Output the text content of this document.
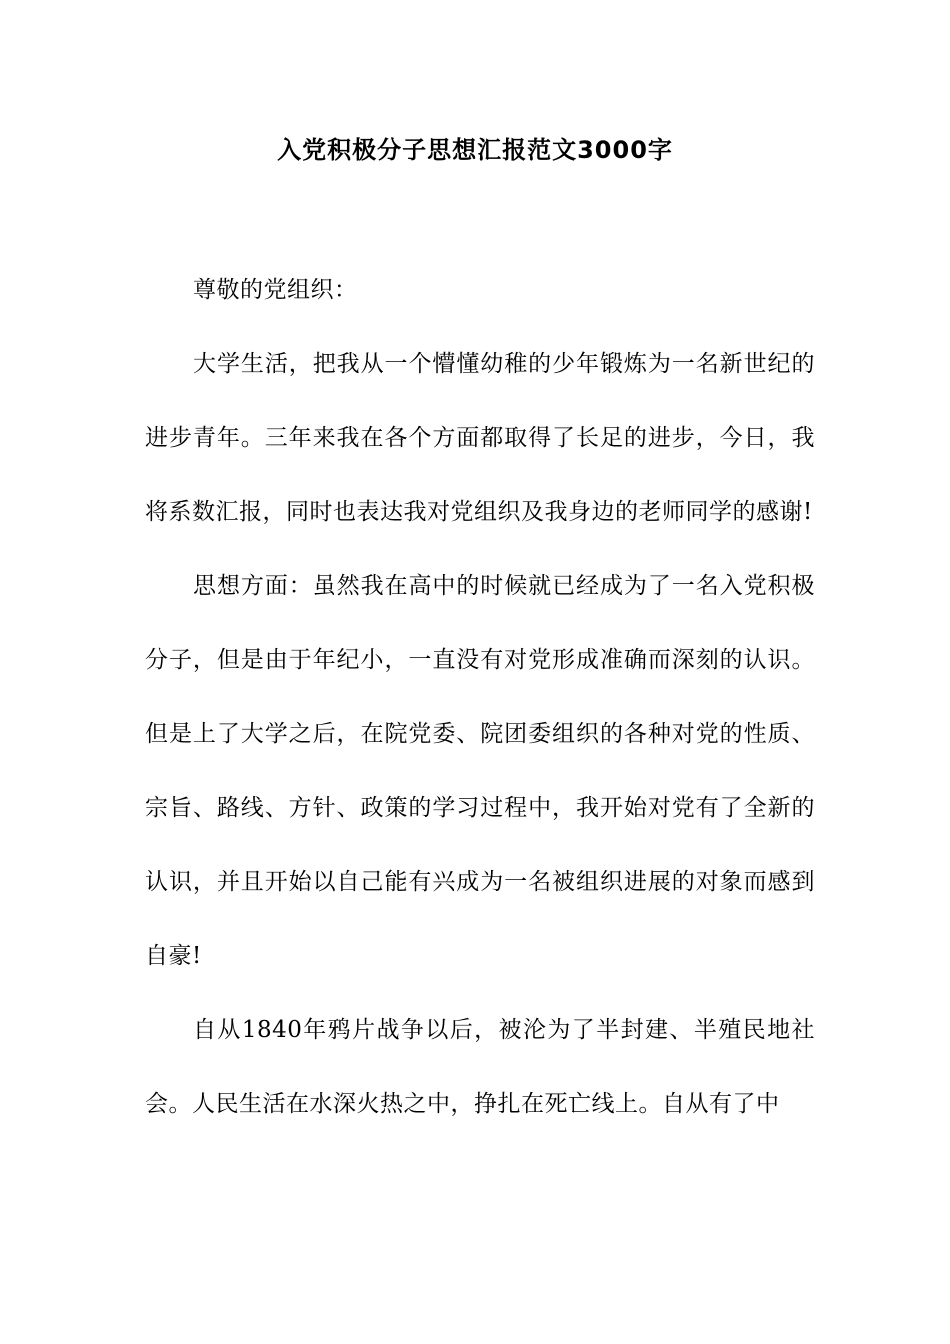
入党积极分子思想汇报范文3000字

尊敬的党组织：

大学生活，把我从一个懵懂幼稚的少年锻炼为一名新世纪的进步青年。三年来我在各个方面都取得了长足的进步，今日，我将系数汇报，同时也表达我对党组织及我身边的老师同学的感谢!

思想方面：虽然我在高中的时候就已经成为了一名入党积极分子，但是由于年纪小，一直没有对党形成准确而深刻的认识。但是上了大学之后，在院党委、院团委组织的各种对党的性质、宗旨、路线、方针、政策的学习过程中，我开始对党有了全新的认识，并且开始以自己能有兴成为一名被组织进展的对象而感到自豪!

自从1840年鸦片战争以后，被沦为了半封建、半殖民地社会。人民生活在水深火热之中，挣扎在死亡线上。自从有了中
